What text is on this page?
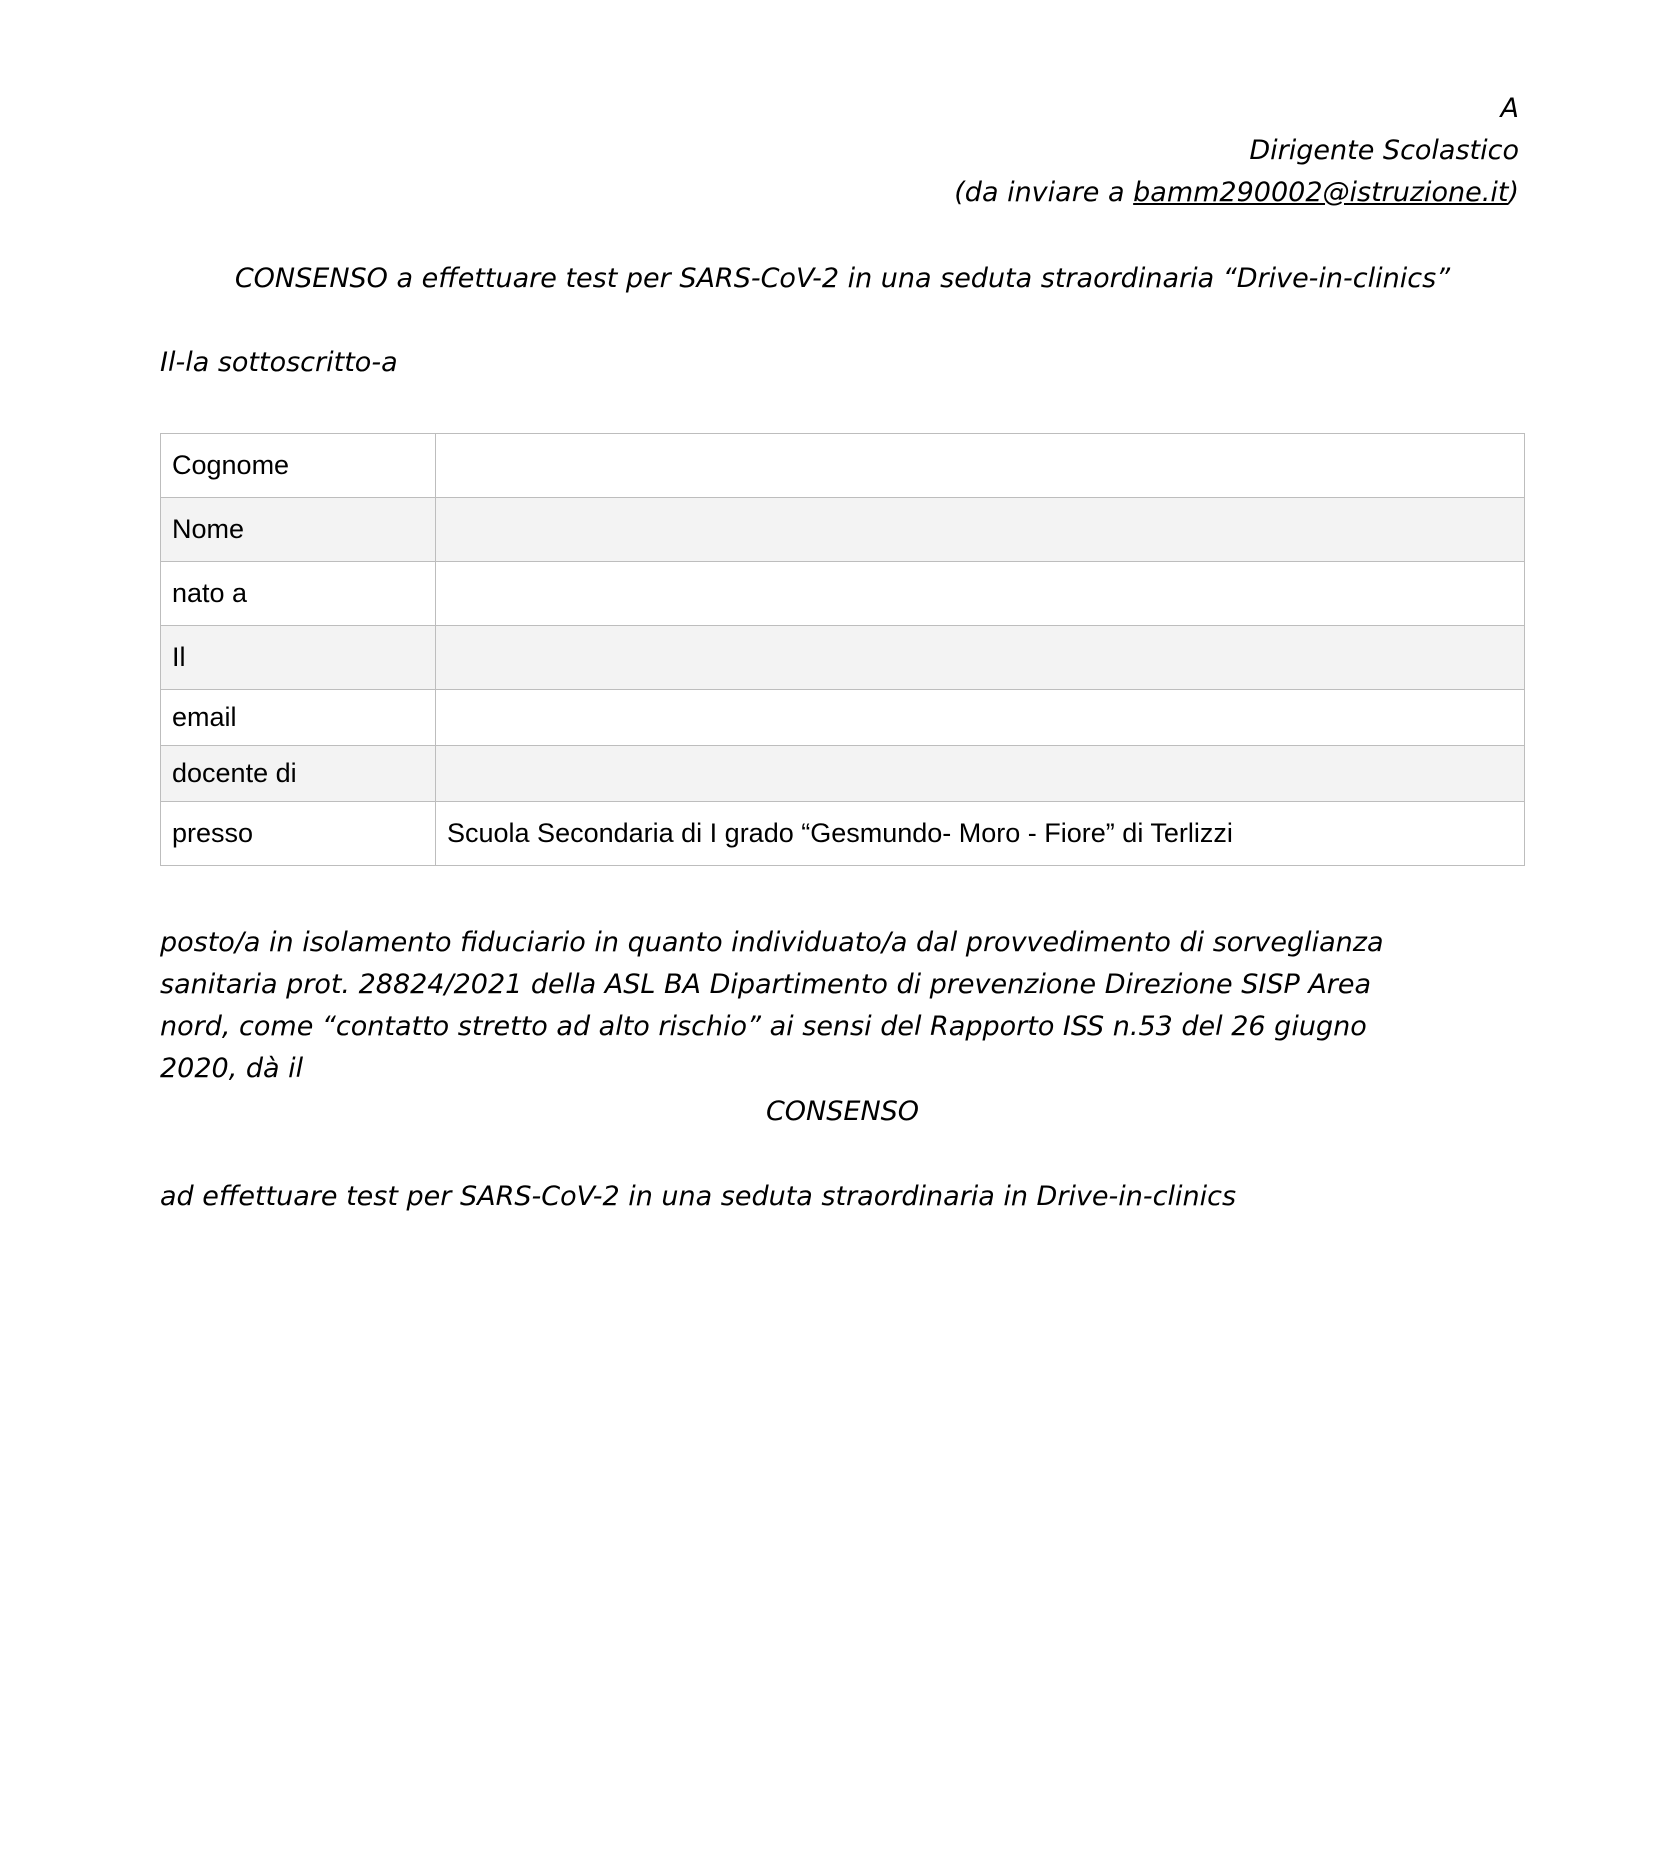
A
Dirigente Scolastico
(da inviare a bamm290002@istruzione.it)
CONSENSO a effettuare test per SARS-CoV-2 in una seduta straordinaria “Drive-in-clinics”
Il-la sottoscritto-a
Cognome	
Nome	
nato a	
Il	
email	
docente di	
presso	Scuola Secondaria di I grado “Gesmundo- Moro - Fiore” di Terlizzi
posto/a in isolamento fiduciario in quanto individuato/a dal provvedimento di sorveglianza
sanitaria prot. 28824/2021 della ASL BA Dipartimento di prevenzione Direzione SISP Area
nord, come “contatto stretto ad alto rischio” ai sensi del Rapporto ISS n.53 del 26 giugno
2020, dà il
CONSENSO
ad effettuare test per SARS-CoV-2 in una seduta straordinaria in Drive-in-clinics
